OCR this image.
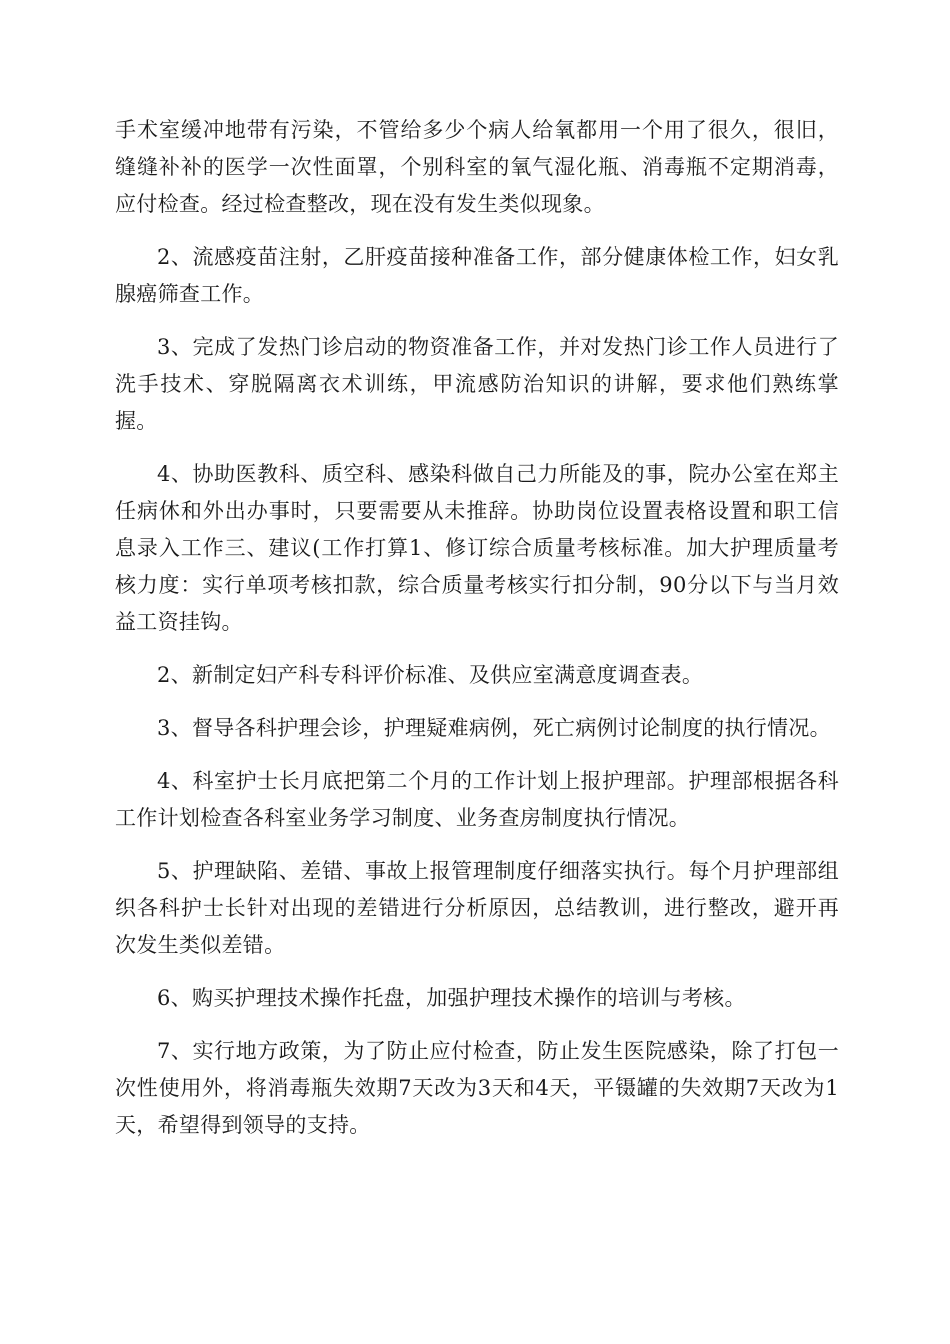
手术室缓冲地带有污染，不管给多少个病人给氧都用一个用了很久，很旧，缝缝补补的医学一次性面罩，个别科室的氧气湿化瓶、消毒瓶不定期消毒，应付检查。经过检查整改，现在没有发生类似现象。

2、流感疫苗注射，乙肝疫苗接种准备工作，部分健康体检工作，妇女乳腺癌筛查工作。

3、完成了发热门诊启动的物资准备工作，并对发热门诊工作人员进行了洗手技术、穿脱隔离衣术训练，甲流感防治知识的讲解，要求他们熟练掌握。

4、协助医教科、质空科、感染科做自己力所能及的事，院办公室在郑主任病休和外出办事时，只要需要从未推辞。协助岗位设置表格设置和职工信息录入工作三、建议(工作打算1、修订综合质量考核标准。加大护理质量考核力度：实行单项考核扣款，综合质量考核实行扣分制，90分以下与当月效益工资挂钩。

2、新制定妇产科专科评价标准、及供应室满意度调查表。

3、督导各科护理会诊，护理疑难病例，死亡病例讨论制度的执行情况。

4、科室护士长月底把第二个月的工作计划上报护理部。护理部根据各科工作计划检查各科室业务学习制度、业务查房制度执行情况。

5、护理缺陷、差错、事故上报管理制度仔细落实执行。每个月护理部组织各科护士长针对出现的差错进行分析原因，总结教训，进行整改，避开再次发生类似差错。

6、购买护理技术操作托盘，加强护理技术操作的培训与考核。

7、实行地方政策，为了防止应付检查，防止发生医院感染，除了打包一次性使用外，将消毒瓶失效期7天改为3天和4天，平镊罐的失效期7天改为1天，希望得到领导的支持。
